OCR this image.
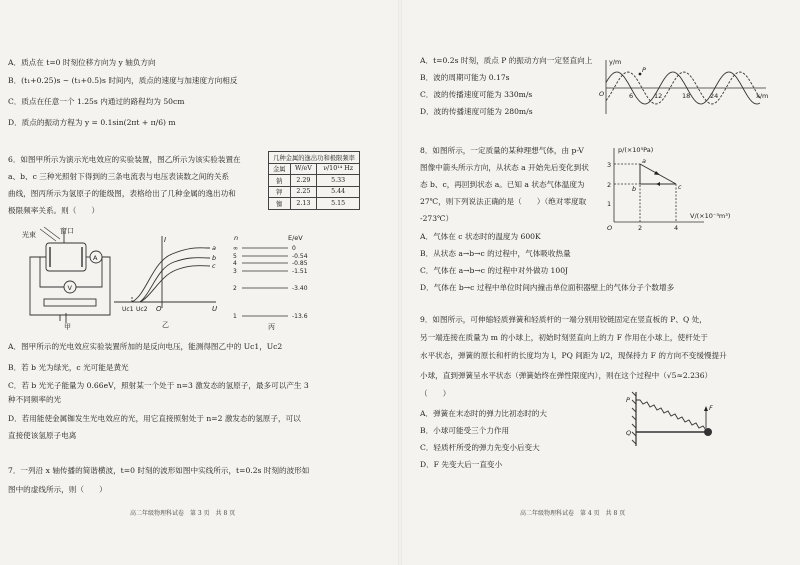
A．质点在 t=0 时刻位移方向为 y 轴负方向
B．(t₁+0.25)s ~ (t₁+0.5)s 时间内，质点的速度与加速度方向相反
C．质点在任意一个 1.25s 内通过的路程均为 50cm
D．质点的振动方程为 y = 0.1sin(2πt + π/6) m
6．如图甲所示为演示光电效应的实验装置，图乙所示为该实验装置在
a、b、c 三种光照射下得到的三条电流表与电压表读数之间的关系
曲线，图丙所示为氢原子的能级图，表格给出了几种金属的逸出功和
极限频率关系。则（　　）
几种金属的逸出功和极限频率		
金属	W/eV	ν/10¹⁴ Hz
钠	2.29	5.33
钾	2.25	5.44
铷	2.13	5.15
光束	窗口
A
V
甲
I
U
O
Uc1 Uc2
a
b
c
乙
n	E/eV
丙
∞	0
5	-0.54
4	-0.85
3	-1.51
2	-3.40
1	-13.6
A．图甲所示的光电效应实验装置所加的是反向电压，能测得图乙中的 Uc1，Uc2
B．若 b 光为绿光，c 光可能是黄光
C．若 b 光光子能量为 0.66eV，照射某一个处于 n=3 激发态的氢原子，最多可以产生 3
种不同频率的光
D．若用能使金属铷发生光电效应的光，用它直接照射处于 n=2 激发态的氢原子，可以
直接使该氢原子电离
7．一列沿 x 轴传播的简谐横波，t=0 时刻的波形如图中实线所示，t=0.2s 时刻的波形如
图中的虚线所示，则（　　）
高二年级物理科试卷　第 3 页　共 8 页
A．t=0.2s 时刻，质点 P 的振动方向一定竖直向上
B．波的周期可能为 0.17s
C．波的传播速度可能为 330m/s
D．波的传播速度可能为 280m/s
P
y/m
x/m
O	6	12	18	24
8．如图所示，一定质量的某种理想气体，由 p-V
图像中箭头所示方向，从状态 a 开始先后变化到状
态 b、c，再回到状态 a。已知 a 状态气体温度为
27℃，则下列说法正确的是（　　）（绝对零度取
-273℃）
p/(×10⁵Pa)
V/(×10⁻³m³)
O
1
2
3
2	4
a
b	c
A．气体在 c 状态时的温度为 600K
B．从状态 a→b→c 的过程中，气体吸收热量
C．气体在 a→b→c 的过程中对外做功 100J
D．气体在 b→c 过程中单位时间内撞击单位面积器壁上的气体分子个数增多
9．如图所示，可伸缩轻质弹簧和轻质杆的一端分别用铰链固定在竖直板的 P、Q 处，
另一端连接在质量为 m 的小球上，初始时刻竖直向上的力 F 作用在小球上，使杆处于
水平状态，弹簧的原长和杆的长度均为 l，PQ 间距为 l/2，现保持力 F 的方向不变缓慢提升
小球，直到弹簧呈水平状态（弹簧始终在弹性限度内），则在这个过程中（√5≈2.236）
（　　）
P
Q
F
A．弹簧在末态时的弹力比初态时的大
B．小球可能受三个力作用
C．轻质杆所受的弹力先变小后变大
D．F 先变大后一直变小
高二年级物理科试卷　第 4 页　共 8 页
